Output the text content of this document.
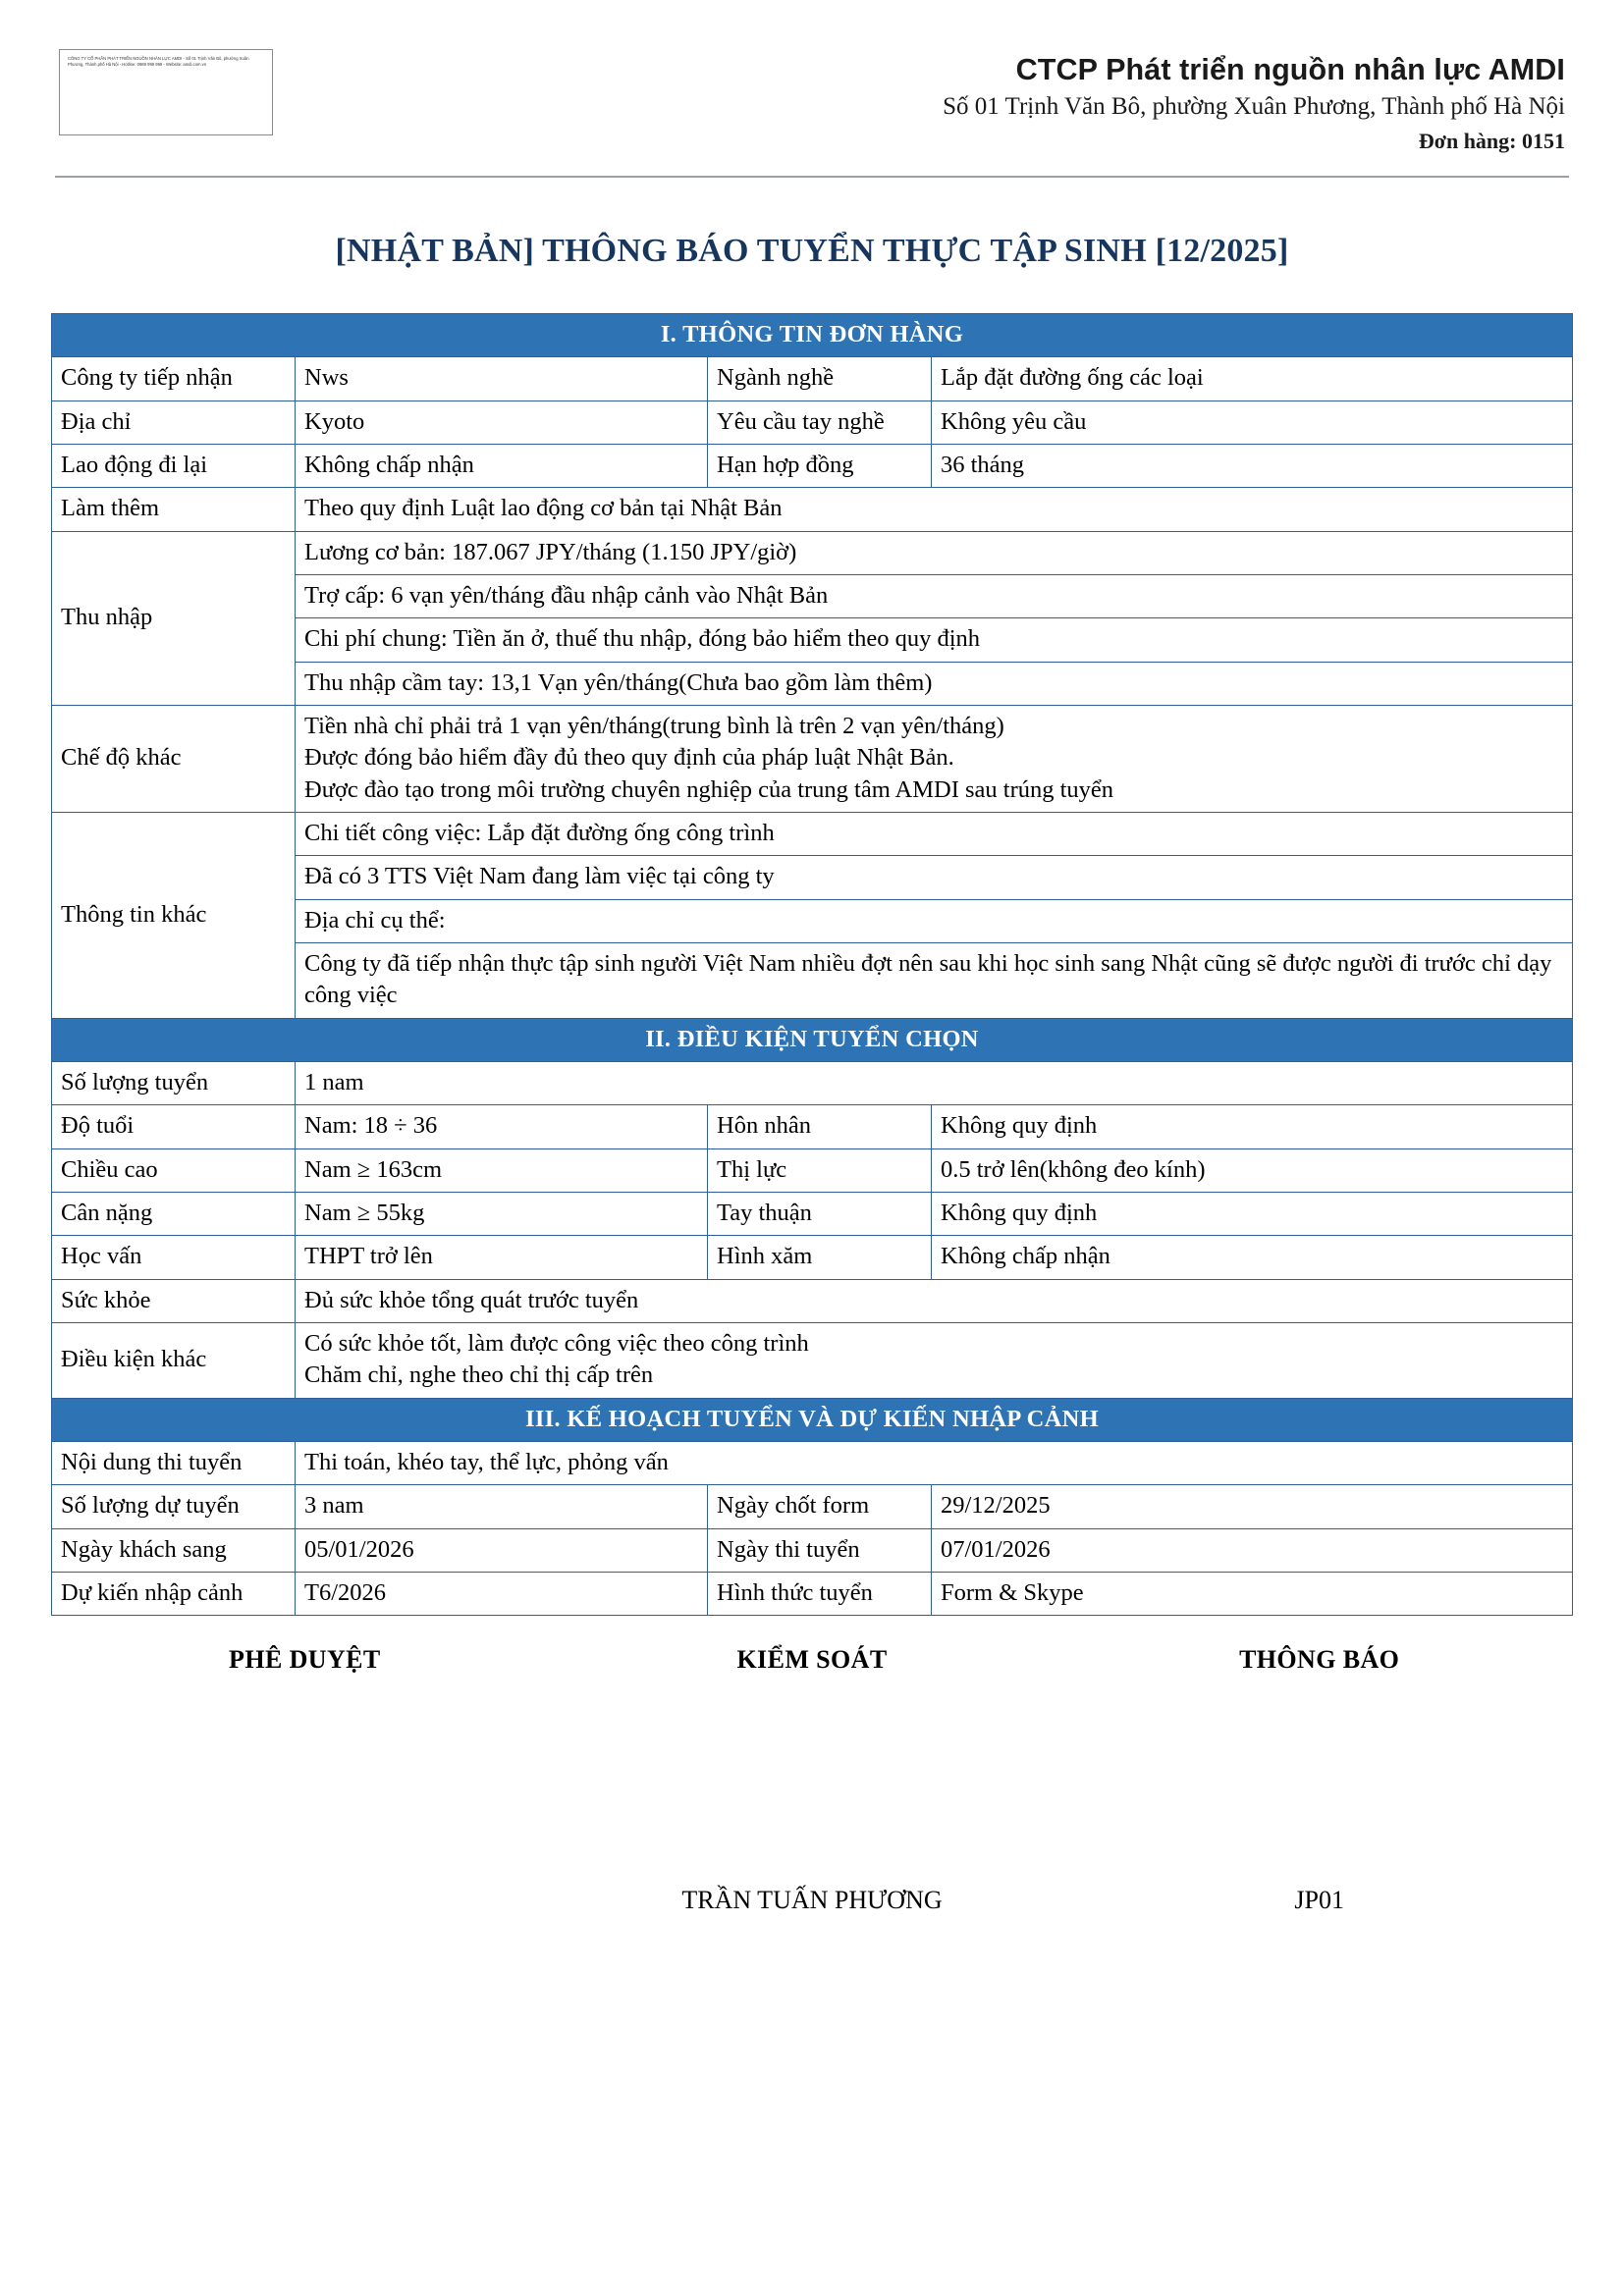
CÔNG TY CỔ PHẦN PHÁT TRIỂN NGUỒN NHÂN LỰC AMDI - Số 01 Trịnh Văn Bô, phường Xuân Phương, Thành phố Hà Nội - Hotline: 0989 999 999 - Website: amdi.com.vn	CTCP Phát triển nguồn nhân lực AMDI
Số 01 Trịnh Văn Bô, phường Xuân Phương, Thành phố Hà Nội
Đơn hàng: 0151
[NHẬT BẢN] THÔNG BÁO TUYỂN THỰC TẬP SINH [12/2025]
I. THÔNG TIN ĐƠN HÀNG			
Công ty tiếp nhận	Nws	Ngành nghề	Lắp đặt đường ống các loại
Địa chỉ	Kyoto	Yêu cầu tay nghề	Không yêu cầu
Lao động đi lại	Không chấp nhận	Hạn hợp đồng	36 tháng
Làm thêm	Theo quy định Luật lao động cơ bản tại Nhật Bản		
Thu nhập	Lương cơ bản: 187.067 JPY/tháng (1.150 JPY/giờ)		
	Trợ cấp: 6 vạn yên/tháng đầu nhập cảnh vào Nhật Bản		
	Chi phí chung: Tiền ăn ở, thuế thu nhập, đóng bảo hiểm theo quy định		
	Thu nhập cầm tay: 13,1 Vạn yên/tháng(Chưa bao gồm làm thêm)		
Chế độ khác	Tiền nhà chỉ phải trả 1 vạn yên/tháng(trung bình là trên 2 vạn yên/tháng)
Được đóng bảo hiểm đầy đủ theo quy định của pháp luật Nhật Bản.
Được đào tạo trong môi trường chuyên nghiệp của trung tâm AMDI sau trúng tuyển		

Thông tin khác	Chi tiết công việc: Lắp đặt đường ống công trình		
	Đã có 3 TTS Việt Nam đang làm việc tại công ty		
	Địa chỉ cụ thể:		
	Công ty đã tiếp nhận thực tập sinh người Việt Nam nhiều đợt nên sau khi học sinh sang Nhật cũng sẽ được người đi trước chỉ dạy công việc		
II. ĐIỀU KIỆN TUYỂN CHỌN			
Số lượng tuyển	1 nam		
Độ tuổi	Nam: 18 ÷ 36	Hôn nhân	Không quy định
Chiều cao	Nam ≥ 163cm	Thị lực	0.5 trở lên(không đeo kính)
Cân nặng	Nam ≥ 55kg	Tay thuận	Không quy định
Học vấn	THPT trở lên	Hình xăm	Không chấp nhận
Sức khỏe	Đủ sức khỏe tổng quát trước tuyển		
Điều kiện khác	Có sức khỏe tốt, làm được công việc theo công trình
Chăm chỉ, nghe theo chỉ thị cấp trên		

III. KẾ HOẠCH TUYỂN VÀ DỰ KIẾN NHẬP CẢNH			
Nội dung thi tuyển	Thi toán, khéo tay, thể lực, phỏng vấn		
Số lượng dự tuyển	3 nam	Ngày chốt form	29/12/2025
Ngày khách sang	05/01/2026	Ngày thi tuyển	07/01/2026
Dự kiến nhập cảnh	T6/2026	Hình thức tuyển	Form & Skype
PHÊ DUYỆT	KIỂM SOÁT	THÔNG BÁO
TRẦN TUẤN PHƯƠNG	JP01
